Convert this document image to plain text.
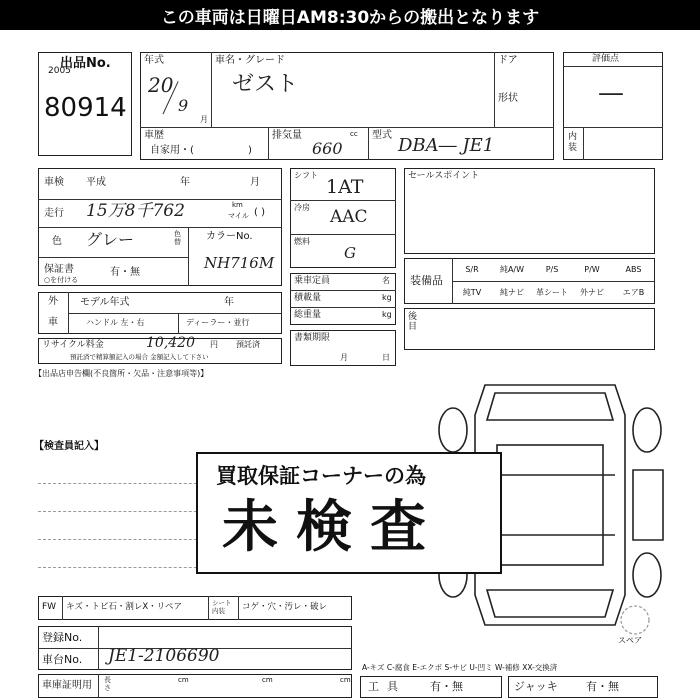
この車両は日曜日AM8:30からの搬出となります
出品No.
2005
80914
年式
20
9
月
車名・グレード
ゼスト
ドア
形状
車歴
自家用・(	)
排気量	cc
660
型式 DBA― JE1
評価点
—
内装
車検 平成	年	月
走行 15万8千762	km
マイル ( )
色 グレー	色替
カラーNo.
NH716M
保証書
○を付ける
有・無
外
車
モデル年式	年
ハンドル 左・右	ディーラー・並行
リサイクル料金	10,420 円 預託済
預託済で精算額記入の場合 金額記入して下さい
シフト
1AT
冷房 AAC
燃料
G
乗車定員	名
積載量	kg
総重量	kg
書類期限
月	日
セールスポイント
装備品
S/R	純A/W	P/S	P/W	ABS
純TV	純ナビ	革シート	外ナビ	エアB
後目
【出品店申告欄(不良箇所・欠品・注意事項等)】
【検査員記入】
スペア
買取保証コーナーの為
未検査
FW キズ・トビ石・割レX・リペア	シート内装	コゲ・穴・汚レ・破レ
登録No.
車台No. JE1-2106690
車庫証明用 長さ
cm	cm	cm
A-キズ C-腐食 E-エクボ S-サビ U-凹ミ W-補修 XX-交換済
工具 有・無	ジャッキ	有・無
